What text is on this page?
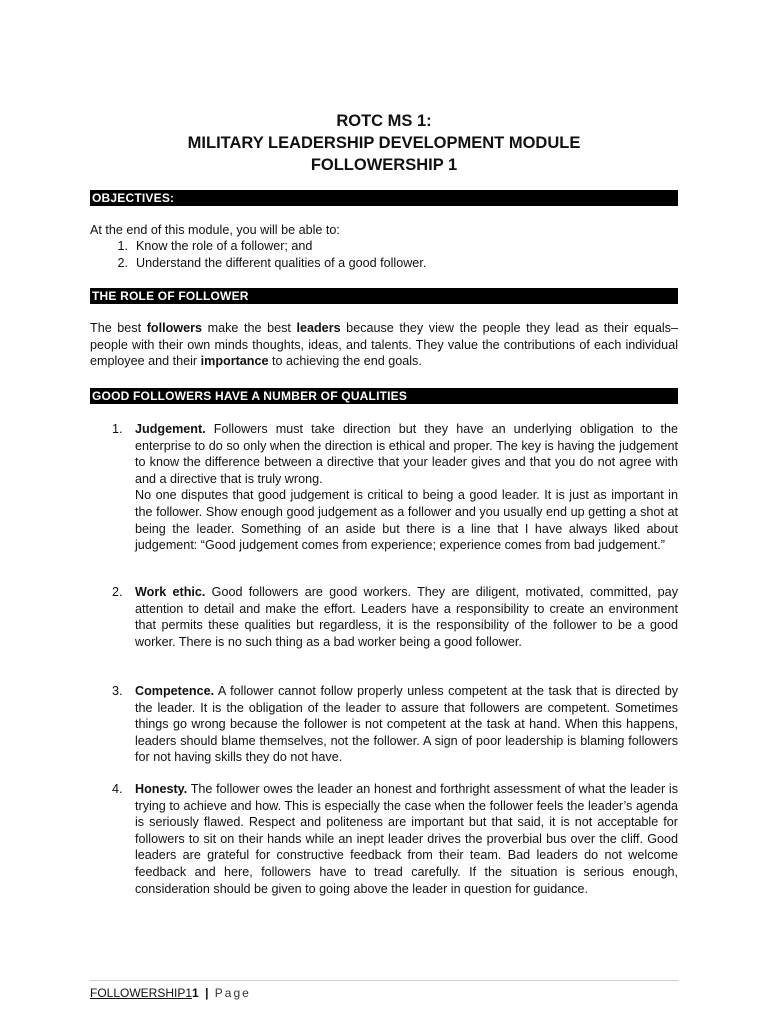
ROTC MS 1:
MILITARY LEADERSHIP DEVELOPMENT MODULE
FOLLOWERSHIP 1
OBJECTIVES:
At the end of this module, you will be able to:
1. Know the role of a follower; and
2. Understand the different qualities of a good follower.
THE ROLE OF FOLLOWER
The best followers make the best leaders because they view the people they lead as their equals–people with their own minds thoughts, ideas, and talents. They value the contributions of each individual employee and their importance to achieving the end goals.
GOOD FOLLOWERS HAVE A NUMBER OF QUALITIES
1. Judgement. Followers must take direction but they have an underlying obligation to the enterprise to do so only when the direction is ethical and proper. The key is having the judgement to know the difference between a directive that your leader gives and that you do not agree with and a directive that is truly wrong.
No one disputes that good judgement is critical to being a good leader. It is just as important in the follower. Show enough good judgement as a follower and you usually end up getting a shot at being the leader. Something of an aside but there is a line that I have always liked about judgement: “Good judgement comes from experience; experience comes from bad judgement.”
2. Work ethic. Good followers are good workers. They are diligent, motivated, committed, pay attention to detail and make the effort. Leaders have a responsibility to create an environment that permits these qualities but regardless, it is the responsibility of the follower to be a good worker. There is no such thing as a bad worker being a good follower.
3. Competence. A follower cannot follow properly unless competent at the task that is directed by the leader. It is the obligation of the leader to assure that followers are competent. Sometimes things go wrong because the follower is not competent at the task at hand. When this happens, leaders should blame themselves, not the follower. A sign of poor leadership is blaming followers for not having skills they do not have.
4. Honesty. The follower owes the leader an honest and forthright assessment of what the leader is trying to achieve and how. This is especially the case when the follower feels the leader’s agenda is seriously flawed. Respect and politeness are important but that said, it is not acceptable for followers to sit on their hands while an inept leader drives the proverbial bus over the cliff. Good leaders are grateful for constructive feedback from their team. Bad leaders do not welcome feedback and here, followers have to tread carefully. If the situation is serious enough, consideration should be given to going above the leader in question for guidance.
FOLLOWERSHIP11 | Page
